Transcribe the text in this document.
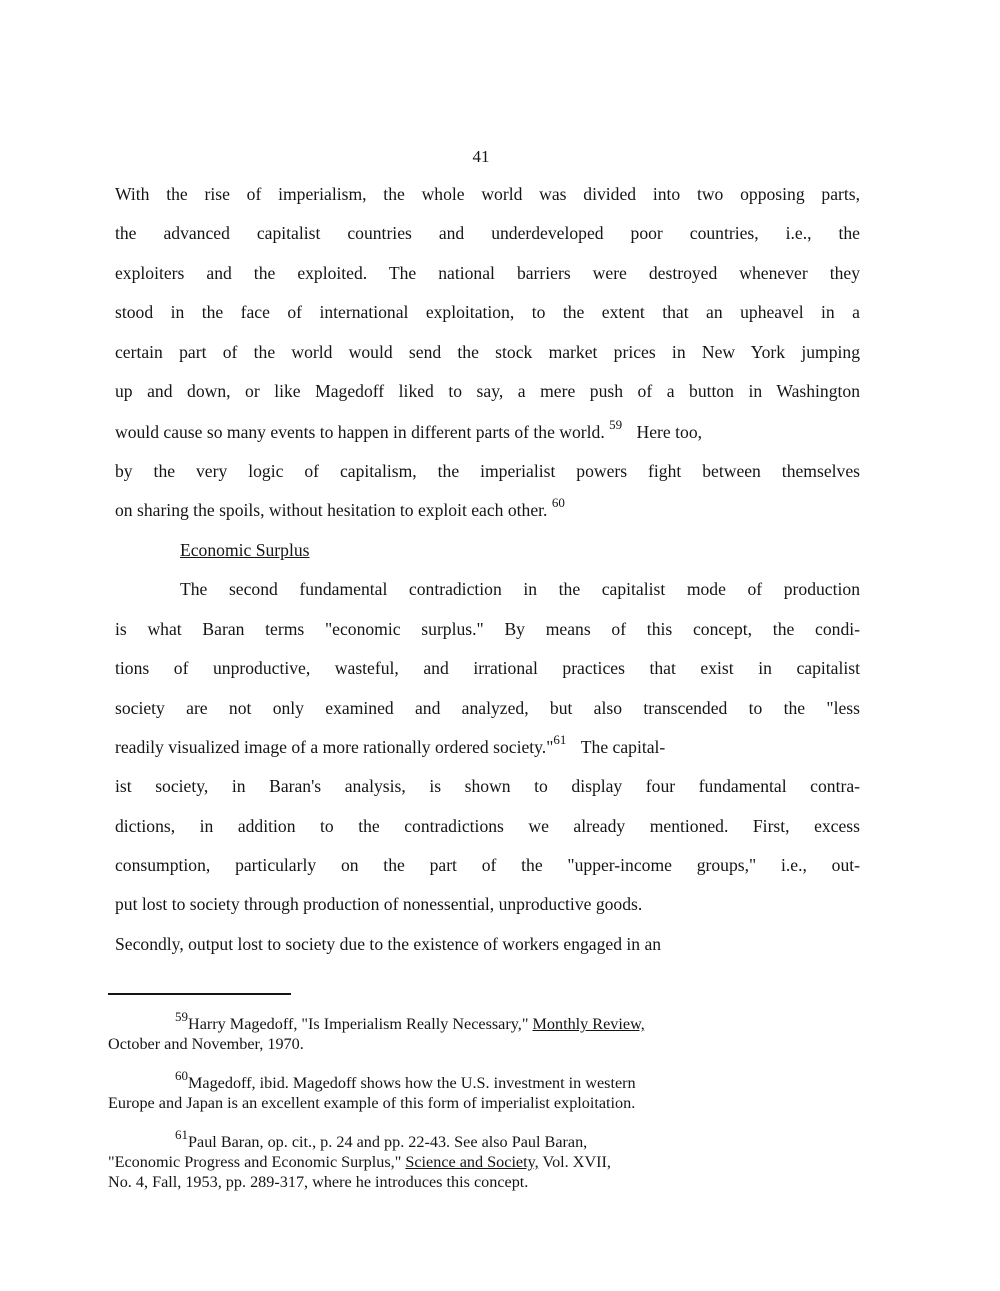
41
With the rise of imperialism, the whole world was divided into two opposing parts,
the advanced capitalist countries and underdeveloped poor countries, i.e., the
exploiters and the exploited. The national barriers were destroyed whenever they
stood in the face of international exploitation, to the extent that an upheavel in a
certain part of the world would send the stock market prices in New York jumping
up and down, or like Magedoff liked to say, a mere push of a button in Washington
would cause so many events to happen in different parts of the world. $^{59}$ Here too,
by the very logic of capitalism, the imperialist powers fight between themselves
on sharing the spoils, without hesitation to exploit each other. $^{60}$
Economic Surplus
The second fundamental contradiction in the capitalist mode of production
is what Baran terms "economic surplus." By means of this concept, the condi-
tions of unproductive, wasteful, and irrational practices that exist in capitalist
society are not only examined and analyzed, but also transcended to the "less
readily visualized image of a more rationally ordered society."$^{61}$ The capital-
ist society, in Baran's analysis, is shown to display four fundamental contra-
dictions, in addition to the contradictions we already mentioned. First, excess
consumption, particularly on the part of the "upper-income groups," i.e., out-
put lost to society through production of nonessential, unproductive goods.
Secondly, output lost to society due to the existence of workers engaged in an
$^{59}$Harry Magedoff, "Is Imperialism Really Necessary," Monthly Review,
October and November, 1970.
$^{60}$Magedoff, ibid. Magedoff shows how the U.S. investment in western
Europe and Japan is an excellent example of this form of imperialist exploitation.
$^{61}$Paul Baran, op. cit., p. 24 and pp. 22-43. See also Paul Baran,
"Economic Progress and Economic Surplus," Science and Society, Vol. XVII,
No. 4, Fall, 1953, pp. 289-317, where he introduces this concept.
